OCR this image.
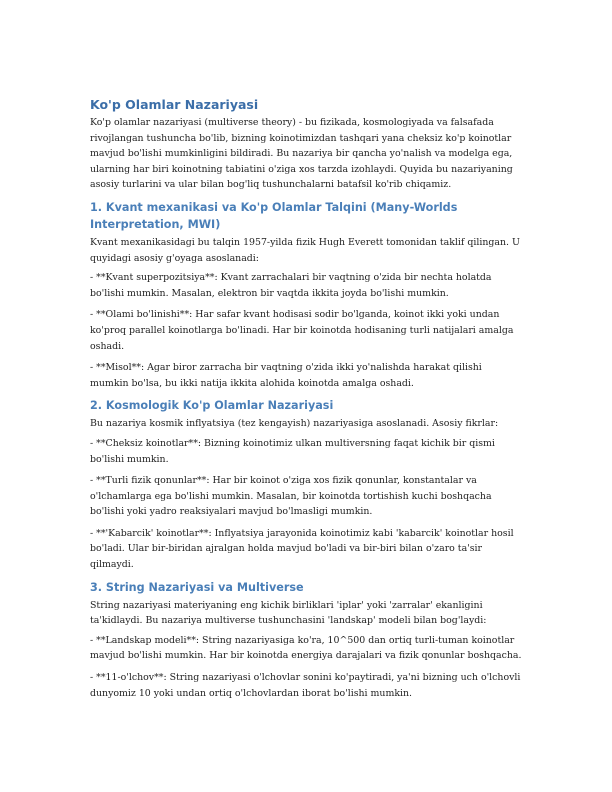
Ko'p Olamlar Nazariyasi

Ko'p olamlar nazariyasi (multiverse theory) - bu fizikada, kosmologiyada va falsafada rivojlangan tushuncha bo'lib, bizning koinotimizdan tashqari yana cheksiz ko'p koinotlar mavjud bo'lishi mumkinligini bildiradi. Bu nazariya bir qancha yo'nalish va modelga ega, ularning har biri koinotning tabiatini o'ziga xos tarzda izohlaydi. Quyida bu nazariyaning asosiy turlarini va ular bilan bog'liq tushunchalarni batafsil ko'rib chiqamiz.

1. Kvant mexanikasi va Ko'p Olamlar Talqini (Many-Worlds Interpretation, MWI)

Kvant mexanikasidagi bu talqin 1957-yilda fizik Hugh Everett tomonidan taklif qilingan. U quyidagi asosiy g'oyaga asoslanadi:

- **Kvant superpozitsiya**: Kvant zarrachalari bir vaqtning o'zida bir nechta holatda bo'lishi mumkin. Masalan, elektron bir vaqtda ikkita joyda bo'lishi mumkin.

- **Olami bo'linishi**: Har safar kvant hodisasi sodir bo'lganda, koinot ikki yoki undan ko'proq parallel koinotlarga bo'linadi. Har bir koinotda hodisaning turli natijalari amalga oshadi.

- **Misol**: Agar biror zarracha bir vaqtning o'zida ikki yo'nalishda harakat qilishi mumkin bo'lsa, bu ikki natija ikkita alohida koinotda amalga oshadi.

2. Kosmologik Ko'p Olamlar Nazariyasi

Bu nazariya kosmik inflyatsiya (tez kengayish) nazariyasiga asoslanadi. Asosiy fikrlar:

- **Cheksiz koinotlar**: Bizning koinotimiz ulkan multiversning faqat kichik bir qismi bo'lishi mumkin.

- **Turli fizik qonunlar**: Har bir koinot o'ziga xos fizik qonunlar, konstantalar va o'lchamlarga ega bo'lishi mumkin. Masalan, bir koinotda tortishish kuchi boshqacha bo'lishi yoki yadro reaksiyalari mavjud bo'lmasligi mumkin.

- **'Kabarcik' koinotlar**: Inflyatsiya jarayonida koinotimiz kabi 'kabarcik' koinotlar hosil bo'ladi. Ular bir-biridan ajralgan holda mavjud bo'ladi va bir-biri bilan o'zaro ta'sir qilmaydi.

3. String Nazariyasi va Multiverse

String nazariyasi materiyaning eng kichik birliklari 'iplar' yoki 'zarralar' ekanligini ta'kidlaydi. Bu nazariya multiverse tushunchasini 'landskap' modeli bilan bog'laydi:

- **Landskap modeli**: String nazariyasiga ko'ra, 10^500 dan ortiq turli-tuman koinotlar mavjud bo'lishi mumkin. Har bir koinotda energiya darajalari va fizik qonunlar boshqacha.

- **11-o'lchov**: String nazariyasi o'lchovlar sonini ko'paytiradi, ya'ni bizning uch o'lchovli dunyomiz 10 yoki undan ortiq o'lchovlardan iborat bo'lishi mumkin.
